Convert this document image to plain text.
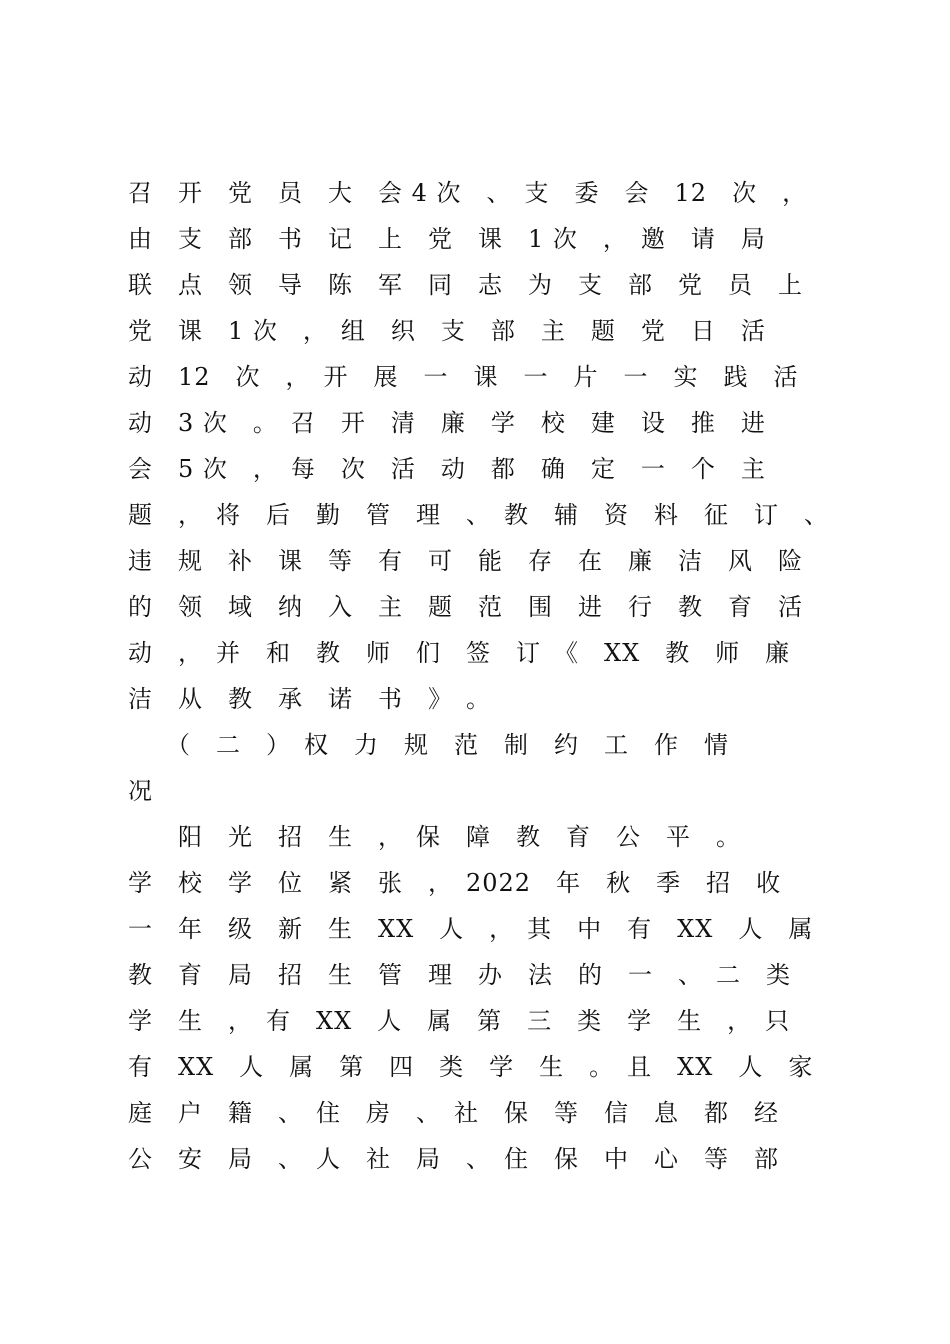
召　开　党　员　大　会 4 次　、　支　委　会　12　次　，
由　支　部　书　记　上　党　课　1 次　，　邀　请　局
联　点　领　导　陈　军　同　志　为　支　部　党　员　上
党　课　1 次　，　组　织　支　部　主　题　党　日　活
动　12　次　，　开　展　一　课　一　片　一　实　践　活
动　3 次　。　召　开　清　廉　学　校　建　设　推　进
会　5 次　，　每　次　活　动　都　确　定　一　个　主
题　，　将　后　勤　管　理　、　教　辅　资　料　征　订　、
违　规　补　课　等　有　可　能　存　在　廉　洁　风　险
的　领　域　纳　入　主　题　范　围　进　行　教　育　活
动　，　并　和　教　师　们　签　订　《　XX　教　师　廉
洁　从　教　承　诺　书　》　。
　　（　二　）　权　力　规　范　制　约　工　作　情
况
　　阳　光　招　生　，　保　障　教　育　公　平　。
学　校　学　位　紧　张　，　2022　年　秋　季　招　收
一　年　级　新　生　XX　人　，　其　中　有　XX　人　属
教　育　局　招　生　管　理　办　法　的　一　、　二　类
学　生　，　有　XX　人　属　第　三　类　学　生　，　只
有　XX　人　属　第　四　类　学　生　。　且　XX　人　家
庭　户　籍　、　住　房　、　社　保　等　信　息　都　经
公　安　局　、　人　社　局　、　住　保　中　心　等　部
